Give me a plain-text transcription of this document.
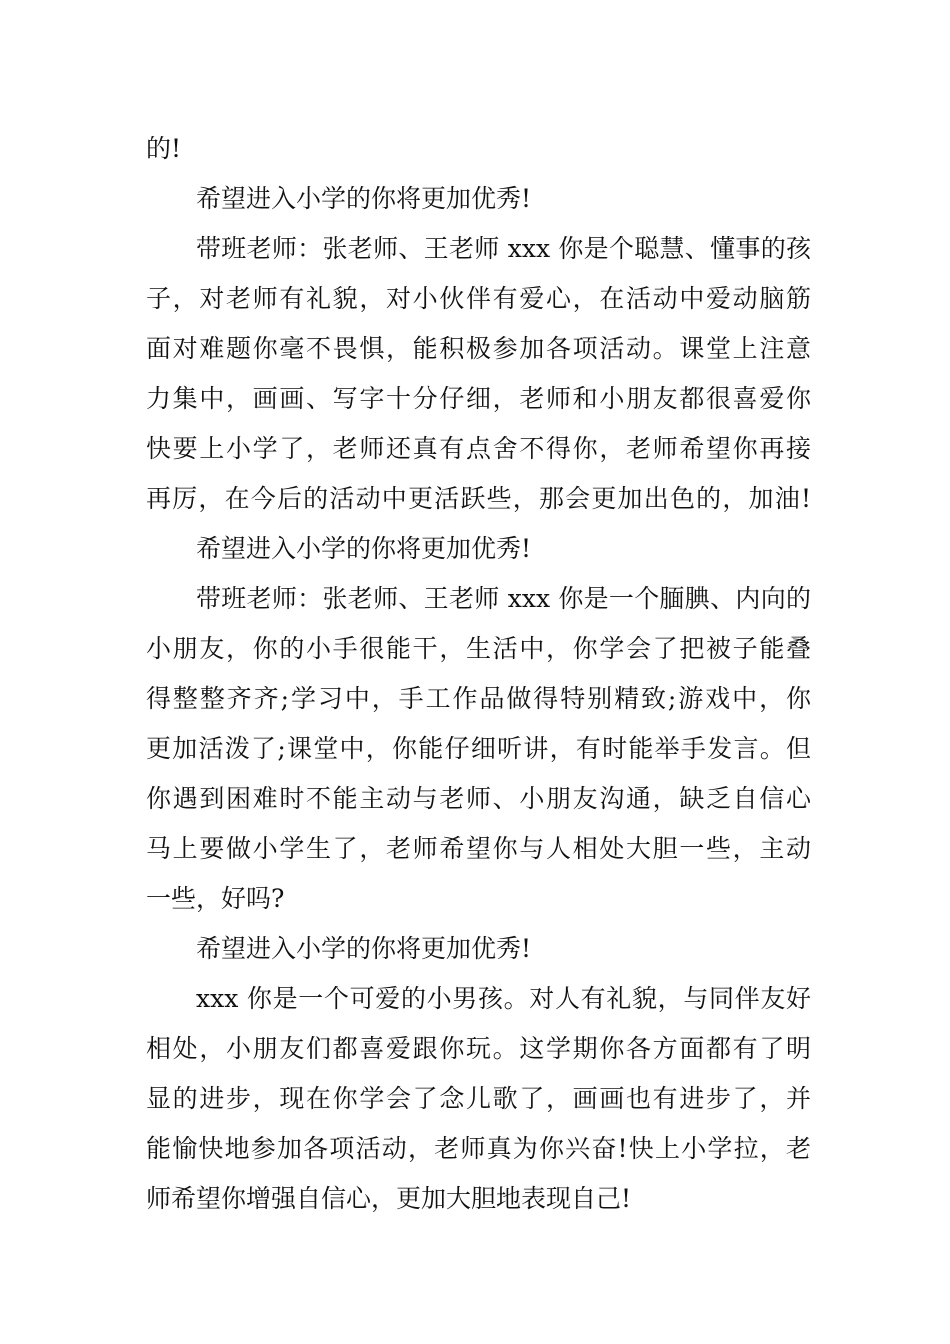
的!
希望进入小学的你将更加优秀!
带班老师：张老师、王老师 xxx 你是个聪慧、懂事的孩
子，对老师有礼貌，对小伙伴有爱心，在活动中爱动脑筋
面对难题你毫不畏惧，能积极参加各项活动。课堂上注意
力集中，画画、写字十分仔细，老师和小朋友都很喜爱你
快要上小学了，老师还真有点舍不得你，老师希望你再接
再厉，在今后的活动中更活跃些，那会更加出色的，加油!
希望进入小学的你将更加优秀!
带班老师：张老师、王老师 xxx 你是一个腼腆、内向的
小朋友，你的小手很能干，生活中，你学会了把被子能叠
得整整齐齐;学习中，手工作品做得特别精致;游戏中，你
更加活泼了;课堂中，你能仔细听讲，有时能举手发言。但
你遇到困难时不能主动与老师、小朋友沟通，缺乏自信心
马上要做小学生了，老师希望你与人相处大胆一些，主动
一些，好吗?
希望进入小学的你将更加优秀!
xxx 你是一个可爱的小男孩。对人有礼貌，与同伴友好
相处，小朋友们都喜爱跟你玩。这学期你各方面都有了明
显的进步，现在你学会了念儿歌了，画画也有进步了，并
能愉快地参加各项活动，老师真为你兴奋!快上小学拉，老
师希望你增强自信心，更加大胆地表现自己!
